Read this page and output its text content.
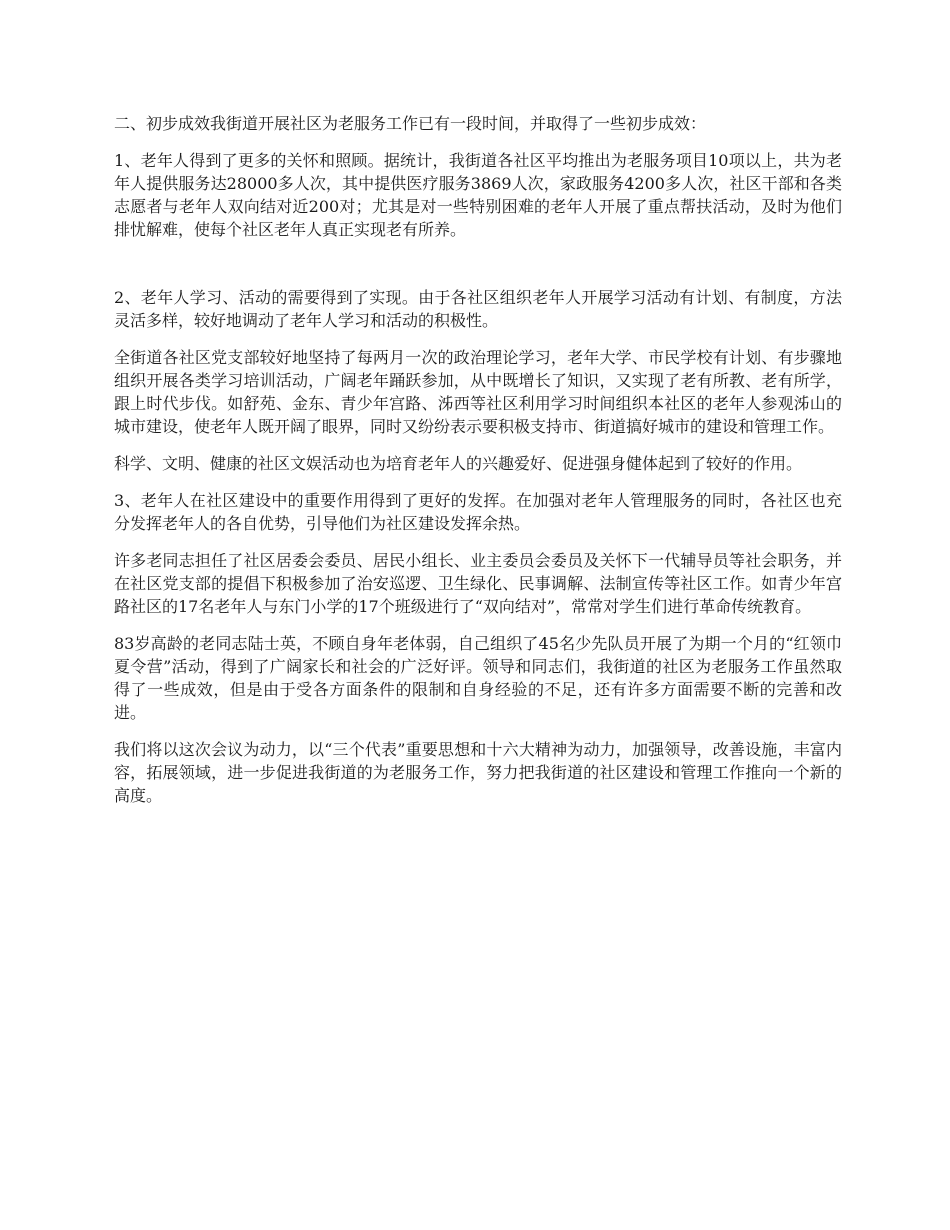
二、初步成效我街道开展社区为老服务工作已有一段时间，并取得了一些初步成效：

1、老年人得到了更多的关怀和照顾。据统计，我街道各社区平均推出为老服务项目10项以上，共为老年人提供服务达28000多人次，其中提供医疗服务3869人次，家政服务4200多人次，社区干部和各类志愿者与老年人双向结对近200对；尤其是对一些特别困难的老年人开展了重点帮扶活动，及时为他们排忧解难，使每个社区老年人真正实现老有所养。

2、老年人学习、活动的需要得到了实现。由于各社区组织老年人开展学习活动有计划、有制度，方法灵活多样，较好地调动了老年人学习和活动的积极性。

全街道各社区党支部较好地坚持了每两月一次的政治理论学习，老年大学、市民学校有计划、有步骤地组织开展各类学习培训活动，广阔老年踊跃参加，从中既增长了知识，又实现了老有所教、老有所学，跟上时代步伐。如舒苑、金东、青少年宫路、泲西等社区利用学习时间组织本社区的老年人参观泲山的城市建设，使老年人既开阔了眼界，同时又纷纷表示要积极支持市、街道搞好城市的建设和管理工作。

科学、文明、健康的社区文娱活动也为培育老年人的兴趣爱好、促进强身健体起到了较好的作用。

3、老年人在社区建设中的重要作用得到了更好的发挥。在加强对老年人管理服务的同时，各社区也充分发挥老年人的各自优势，引导他们为社区建设发挥余热。

许多老同志担任了社区居委会委员、居民小组长、业主委员会委员及关怀下一代辅导员等社会职务，并在社区党支部的提倡下积极参加了治安巡逻、卫生绿化、民事调解、法制宣传等社区工作。如青少年宫路社区的17名老年人与东门小学的17个班级进行了“双向结对”，常常对学生们进行革命传统教育。

83岁高龄的老同志陆士英，不顾自身年老体弱，自己组织了45名少先队员开展了为期一个月的“红领巾夏令营”活动，得到了广阔家长和社会的广泛好评。领导和同志们，我街道的社区为老服务工作虽然取得了一些成效，但是由于受各方面条件的限制和自身经验的不足，还有许多方面需要不断的完善和改进。

我们将以这次会议为动力，以“三个代表”重要思想和十六大精神为动力，加强领导，改善设施，丰富内容，拓展领域，进一步促进我街道的为老服务工作，努力把我街道的社区建设和管理工作推向一个新的高度。
